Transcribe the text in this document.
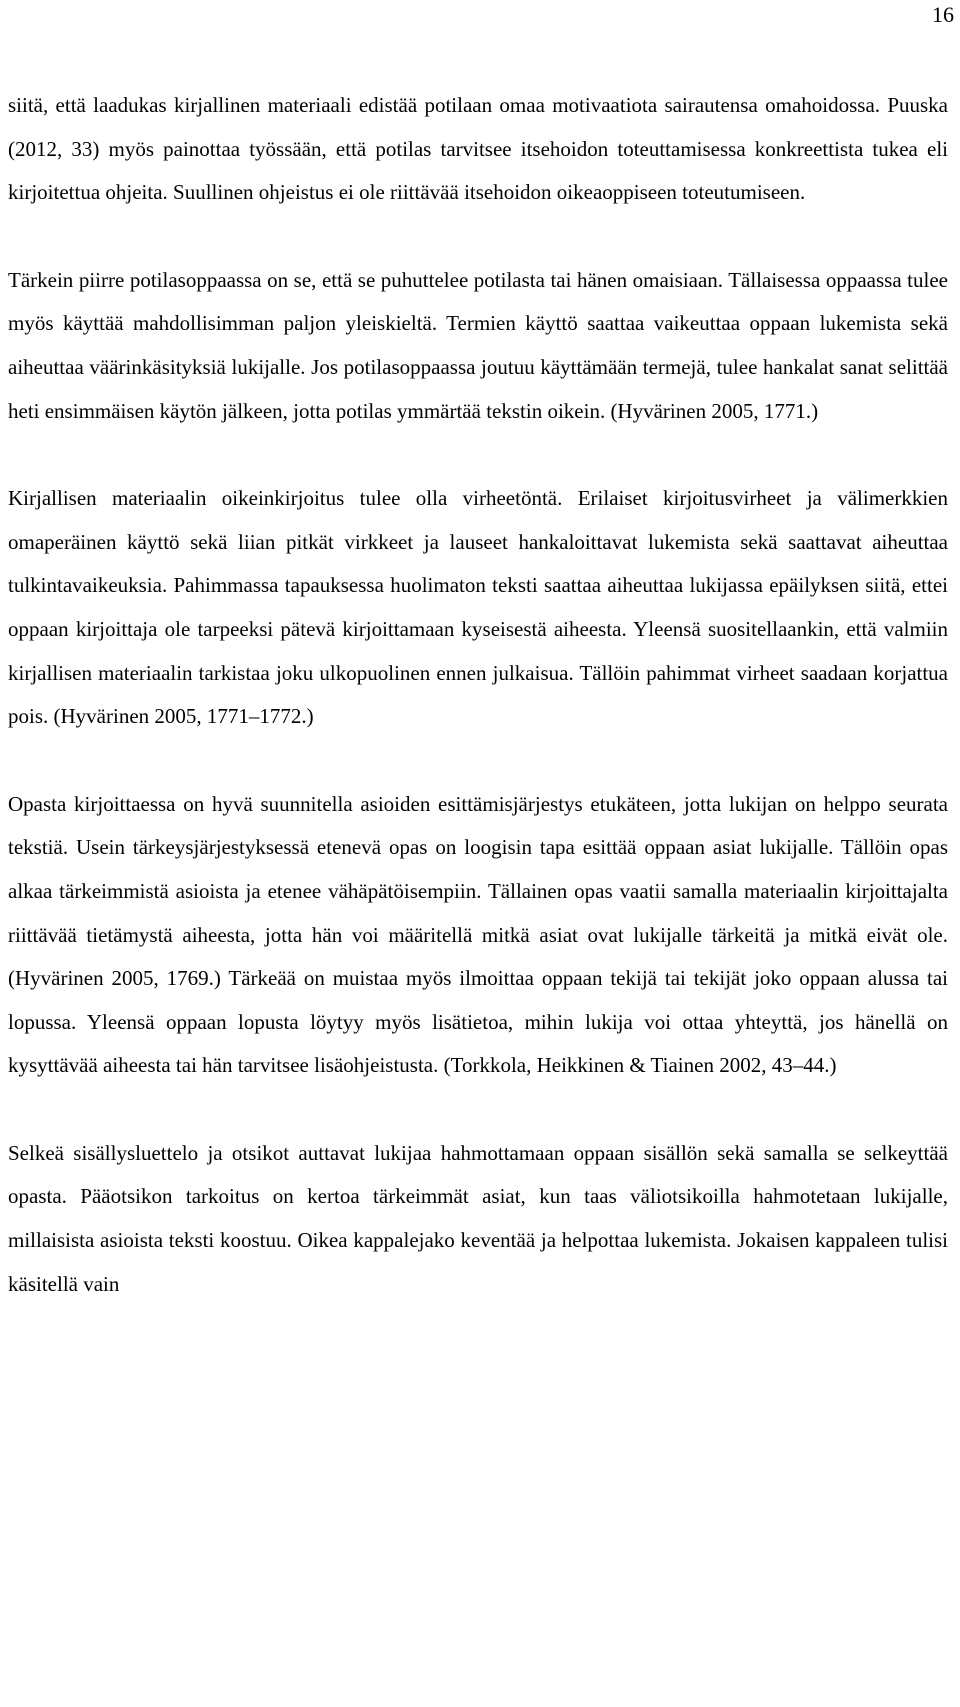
16

siitä, että laadukas kirjallinen materiaali edistää potilaan omaa motivaatiota sairautensa omahoidossa. Puuska (2012, 33) myös painottaa työssään, että potilas tarvitsee itsehoidon toteuttamisessa konkreettista tukea eli kirjoitettua ohjeita. Suullinen ohjeistus ei ole riittävää itsehoidon oikeaoppiseen toteutumiseen.

Tärkein piirre potilasoppaassa on se, että se puhuttelee potilasta tai hänen omaisiaan. Tällaisessa oppaassa tulee myös käyttää mahdollisimman paljon yleiskieltä. Termien käyttö saattaa vaikeuttaa oppaan lukemista sekä aiheuttaa väärinkäsityksiä lukijalle. Jos potilasoppaassa joutuu käyttämään termejä, tulee hankalat sanat selittää heti ensimmäisen käytön jälkeen, jotta potilas ymmärtää tekstin oikein. (Hyvärinen 2005, 1771.)

Kirjallisen materiaalin oikeinkirjoitus tulee olla virheetöntä. Erilaiset kirjoitusvirheet ja välimerkkien omaperäinen käyttö sekä liian pitkät virkkeet ja lauseet hankaloittavat lukemista sekä saattavat aiheuttaa tulkintavaikeuksia. Pahimmassa tapauksessa huolimaton teksti saattaa aiheuttaa lukijassa epäilyksen siitä, ettei oppaan kirjoittaja ole tarpeeksi pätevä kirjoittamaan kyseisestä aiheesta. Yleensä suositellaankin, että valmiin kirjallisen materiaalin tarkistaa joku ulkopuolinen ennen julkaisua. Tällöin pahimmat virheet saadaan korjattua pois. (Hyvärinen 2005, 1771–1772.)

Opasta kirjoittaessa on hyvä suunnitella asioiden esittämisjärjestys etukäteen, jotta lukijan on helppo seurata tekstiä. Usein tärkeysjärjestyksessä etenevä opas on loogisin tapa esittää oppaan asiat lukijalle. Tällöin opas alkaa tärkeimmistä asioista ja etenee vähäpätöisempiin. Tällainen opas vaatii samalla materiaalin kirjoittajalta riittävää tietämystä aiheesta, jotta hän voi määritellä mitkä asiat ovat lukijalle tärkeitä ja mitkä eivät ole. (Hyvärinen 2005, 1769.) Tärkeää on muistaa myös ilmoittaa oppaan tekijä tai tekijät joko oppaan alussa tai lopussa. Yleensä oppaan lopusta löytyy myös lisätietoa, mihin lukija voi ottaa yhteyttä, jos hänellä on kysyttävää aiheesta tai hän tarvitsee lisäohjeistusta. (Torkkola, Heikkinen & Tiainen 2002, 43–44.)

Selkeä sisällysluettelo ja otsikot auttavat lukijaa hahmottamaan oppaan sisällön sekä samalla se selkeyttää opasta. Pääotsikon tarkoitus on kertoa tärkeimmät asiat, kun taas väliotsikoilla hahmotetaan lukijalle, millaisista asioista teksti koostuu. Oikea kappalejako keventää ja helpottaa lukemista. Jokaisen kappaleen tulisi käsitellä vain
